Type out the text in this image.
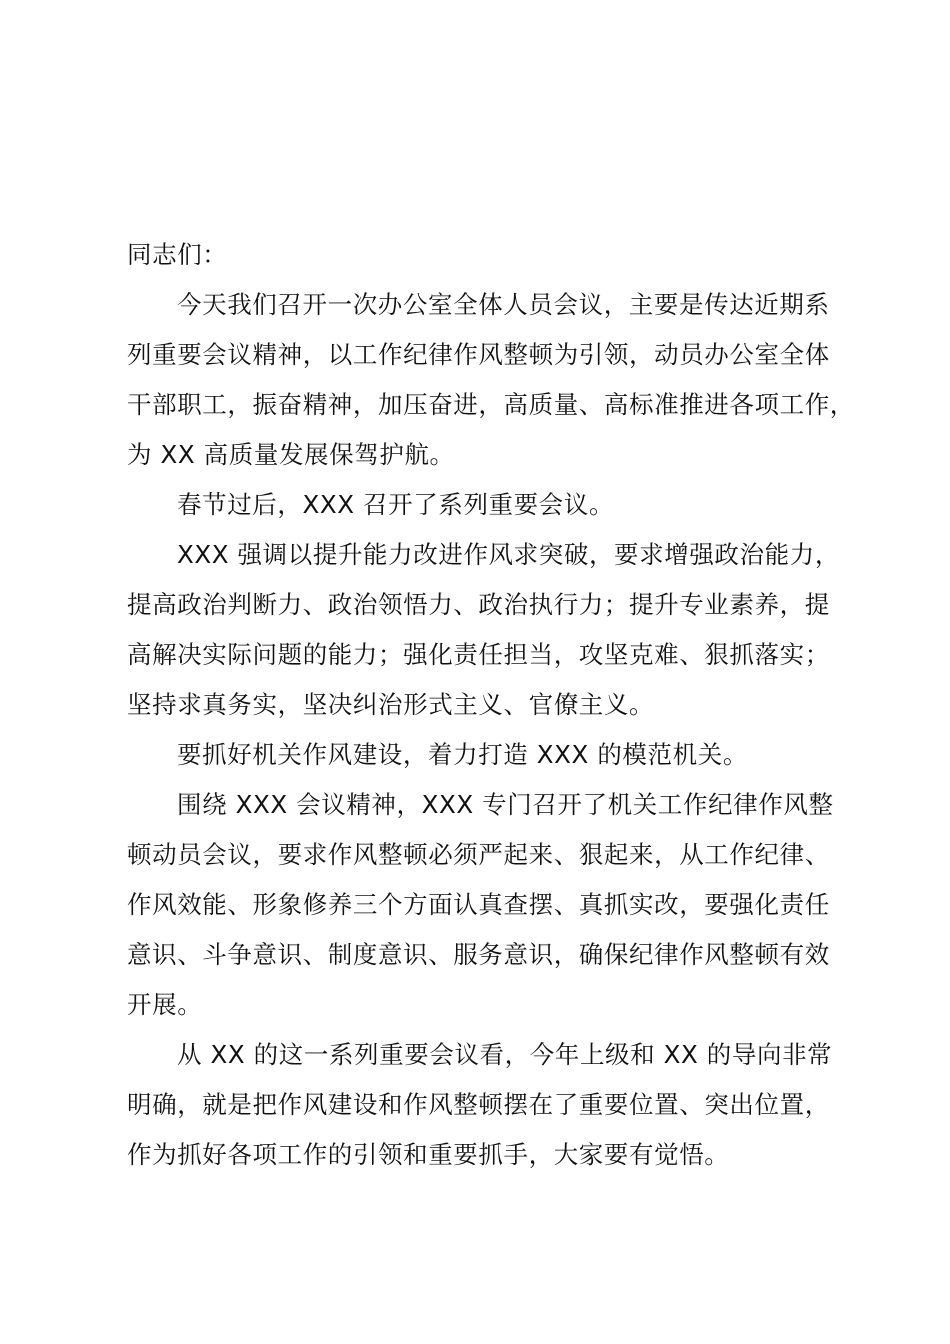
同志们：
今天我们召开一次办公室全体人员会议，主要是传达近期系
列重要会议精神，以工作纪律作风整顿为引领，动员办公室全体
干部职工，振奋精神，加压奋进，高质量、高标准推进各项工作，
为 XX 高质量发展保驾护航。
春节过后，XXX 召开了系列重要会议。
XXX 强调以提升能力改进作风求突破，要求增强政治能力，
提高政治判断力、政治领悟力、政治执行力；提升专业素养，提
高解决实际问题的能力；强化责任担当，攻坚克难、狠抓落实；
坚持求真务实，坚决纠治形式主义、官僚主义。
要抓好机关作风建设，着力打造 XXX 的模范机关。
围绕 XXX 会议精神，XXX 专门召开了机关工作纪律作风整
顿动员会议，要求作风整顿必须严起来、狠起来，从工作纪律、
作风效能、形象修养三个方面认真查摆、真抓实改，要强化责任
意识、斗争意识、制度意识、服务意识，确保纪律作风整顿有效
开展。
从 XX 的这一系列重要会议看，今年上级和 XX 的导向非常
明确，就是把作风建设和作风整顿摆在了重要位置、突出位置，
作为抓好各项工作的引领和重要抓手，大家要有觉悟。
